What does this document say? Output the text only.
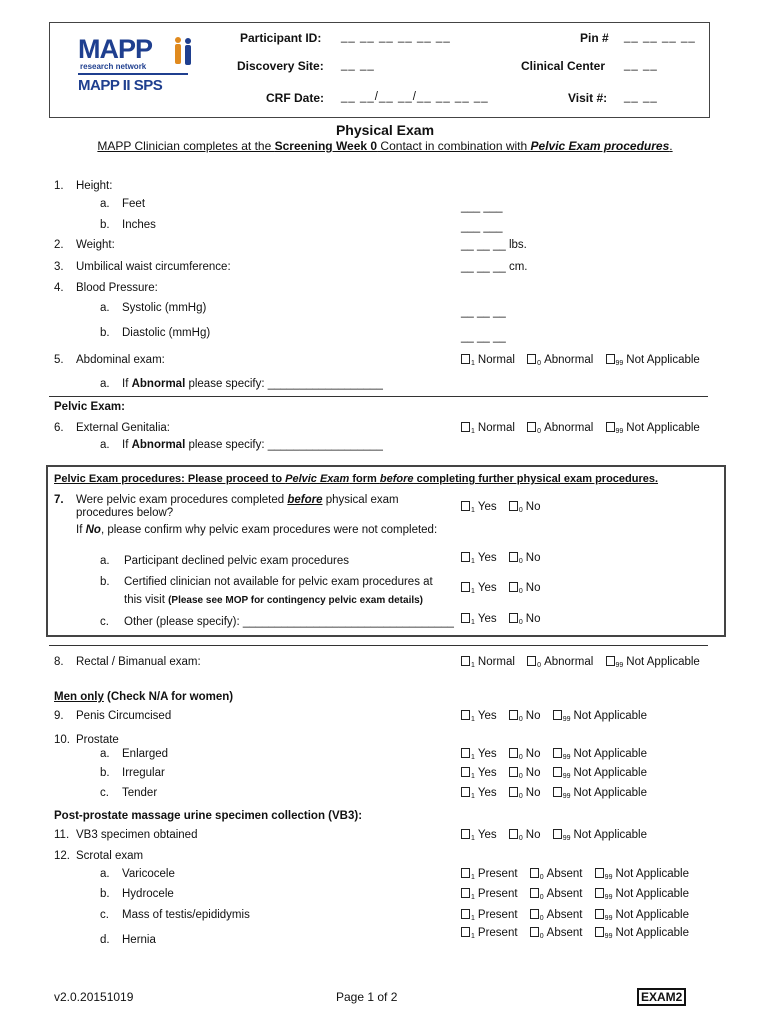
MAPP
research network
MAPP II SPS
Participant ID: __ __ __ __ __ __	Pin # __ __ __ __
Discovery Site: __ __	Clinical Center __ __
CRF Date: __ __/__ __/__ __ __ __	Visit #: __ __
Physical Exam
MAPP Clinician completes at the Screening Week 0 Contact in combination with Pelvic Exam procedures.
1. Height:
a. Feet	___ ___
b. Inches	___ ___
2. Weight:	__ __ __ lbs.
3. Umbilical waist circumference:	__ __ __ cm.
4. Blood Pressure:
a. Systolic (mmHg)	__ __ __
b. Diastolic (mmHg)	__ __ __
5. Abdominal exam:	$_1$ Normal	$_0$ Abnormal	$_{99}$ Not Applicable
a. If Abnormal please specify: __________________
Pelvic Exam:
6. External Genitalia:	$_1$ Normal	$_0$ Abnormal	$_{99}$ Not Applicable
a. If Abnormal please specify: __________________
Pelvic Exam procedures: Please proceed to Pelvic Exam form before completing further physical exam procedures.
7. Were pelvic exam procedures completed before physical exam
procedures below?	$_1$ Yes	$_0$ No
If No, please confirm why pelvic exam procedures were not completed:
a. Participant declined pelvic exam procedures	$_1$ Yes	$_0$ No
b. Certified clinician not available for pelvic exam procedures at
this visit (Please see MOP for contingency pelvic exam details)
$_1$ Yes	$_0$ No
c. Other (please specify): _________________________________	$_1$ Yes	$_0$ No
8. Rectal / Bimanual exam:	$_1$ Normal	$_0$ Abnormal	$_{99}$ Not Applicable
Men only (Check N/A for women)
9. Penis Circumcised	$_1$ Yes	$_0$ No	$_{99}$ Not Applicable
10. Prostate
a. Enlarged	$_1$ Yes	$_0$ No	$_{99}$ Not Applicable
b. Irregular	$_1$ Yes	$_0$ No	$_{99}$ Not Applicable
c. Tender	$_1$ Yes	$_0$ No	$_{99}$ Not Applicable
Post-prostate massage urine specimen collection (VB3):
11. VB3 specimen obtained	$_1$ Yes	$_0$ No	$_{99}$ Not Applicable
12. Scrotal exam
a. Varicocele	$_1$ Present	$_0$ Absent	$_{99}$ Not Applicable
b. Hydrocele	$_1$ Present	$_0$ Absent	$_{99}$ Not Applicable
c. Mass of testis/epididymis	$_1$ Present	$_0$ Absent	$_{99}$ Not Applicable
d. Hernia	$_1$ Present	$_0$ Absent	$_{99}$ Not Applicable
v2.0.20151019	Page 1 of 2	EXAM2
